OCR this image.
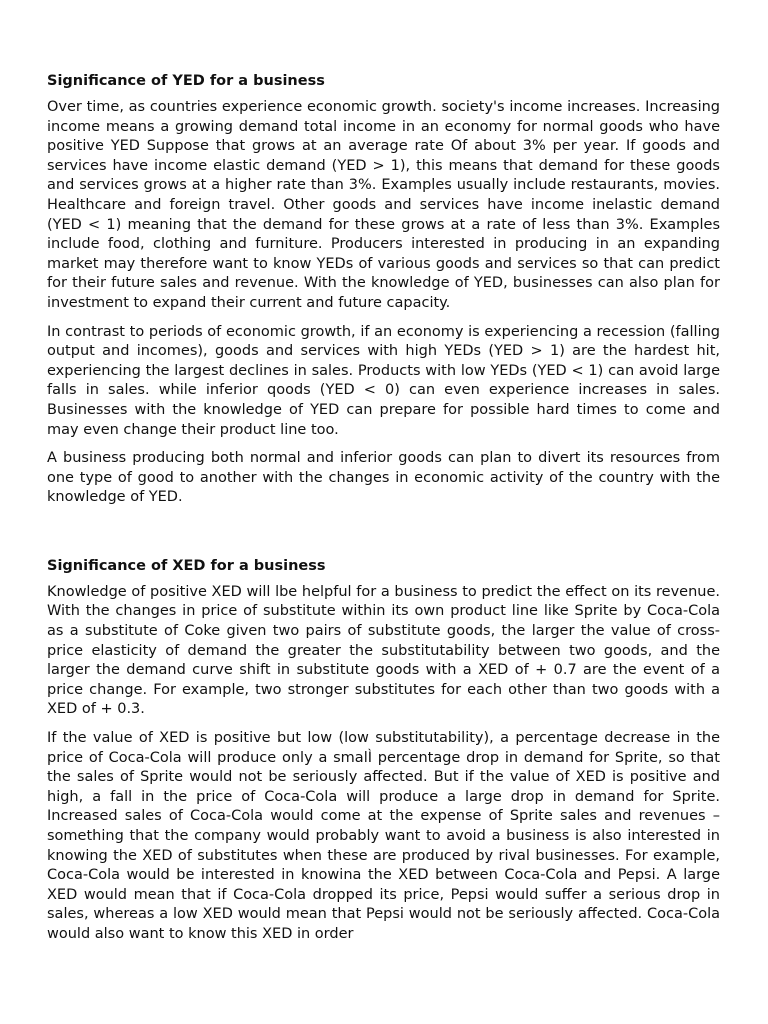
Significance of YED for a business

Over time, as countries experience economic growth. society's income increases. Increasing income means a growing demand total income in an economy for normal goods who have positive YED Suppose that grows at an average rate Of about 3% per year. If goods and services have income elastic demand (YED > 1), this means that demand for these goods and services grows at a higher rate than 3%. Examples usually include restaurants, movies. Healthcare and foreign travel. Other goods and services have income inelastic demand (YED < 1) meaning that the demand for these grows at a rate of less than 3%. Examples include food, clothing and furniture. Producers interested in producing in an expanding market may therefore want to know YEDs of various goods and services so that can predict for their future sales and revenue. With the knowledge of YED, businesses can also plan for investment to expand their current and future capacity.

In contrast to periods of economic growth, if an economy is experiencing a recession (falling output and incomes), goods and services with high YEDs (YED > 1) are the hardest hit, experiencing the largest declines in sales. Products with low YEDs (YED < 1) can avoid large falls in sales. while inferior qoods (YED < 0) can even experience increases in sales. Businesses with the knowledge of YED can prepare for possible hard times to come and may even change their product line too.

A business producing both normal and inferior goods can plan to divert its resources from one type of good to another with the changes in economic activity of the country with the knowledge of YED.

Significance of XED for a business

Knowledge of positive XED will lbe helpful for a business to predict the effect on its revenue. With the changes in price of substitute within its own product line like Sprite by Coca-Cola as a substitute of Coke given two pairs of substitute goods, the larger the value of cross-price elasticity of demand the greater the substitutability between two goods, and the larger the demand curve shift in substitute goods with a XED of + 0.7 are the event of a price change. For example, two stronger substitutes for each other than two goods with a XED of + 0.3.

If the value of XED is positive but low (low substitutability), a percentage decrease in the price of Coca-Cola will produce only a smalÌ percentage drop in demand for Sprite, so that the sales of Sprite would not be seriously affected. But if the value of XED is positive and high, a fall in the price of Coca-Cola will produce a large drop in demand for Sprite. Increased sales of Coca-Cola would come at the expense of Sprite sales and revenues – something that the company would probably want to avoid a business is also interested in knowing the XED of substitutes when these are produced by rival businesses. For example, Coca-Cola would be interested in knowina the XED between Coca-Cola and Pepsi. A large XED would mean that if Coca-Cola dropped its price, Pepsi would suffer a serious drop in sales, whereas a low XED would mean that Pepsi would not be seriously affected. Coca-Cola would also want to know this XED in order
